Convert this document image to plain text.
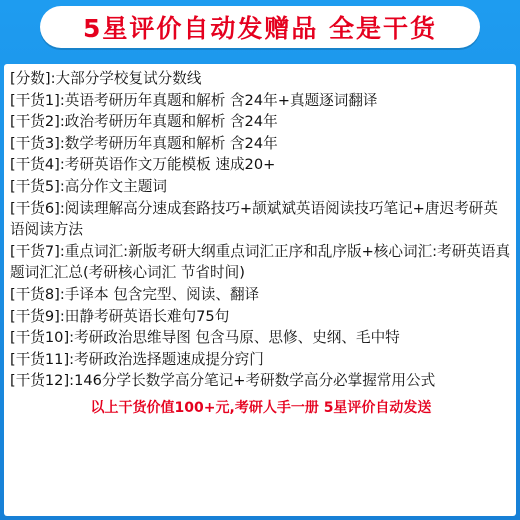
5星评价自动发赠品 全是干货
[分数]:大部分学校复试分数线
[干货1]:英语考研历年真题和解析 含24年+真题逐词翻译
[干货2]:政治考研历年真题和解析 含24年
[干货3]:数学考研历年真题和解析 含24年
[干货4]:考研英语作文万能模板 速成20+
[干货5]:高分作文主题词
[干货6]:阅读理解高分速成套路技巧+颉斌斌英语阅读技巧笔记+唐迟考研英语阅读方法
[干货7]:重点词汇:新版考研大纲重点词汇正序和乱序版+核心词汇:考研英语真题词汇汇总(考研核心词汇 节省时间)
[干货8]:手译本 包含完型、阅读、翻译
[干货9]:田静考研英语长难句75句
[干货10]:考研政治思维导图 包含马原、思修、史纲、毛中特
[干货11]:考研政治选择题速成提分窍门
[干货12]:146分学长数学高分笔记+考研数学高分必掌握常用公式
以上干货价值100+元,考研人手一册 5星评价自动发送
